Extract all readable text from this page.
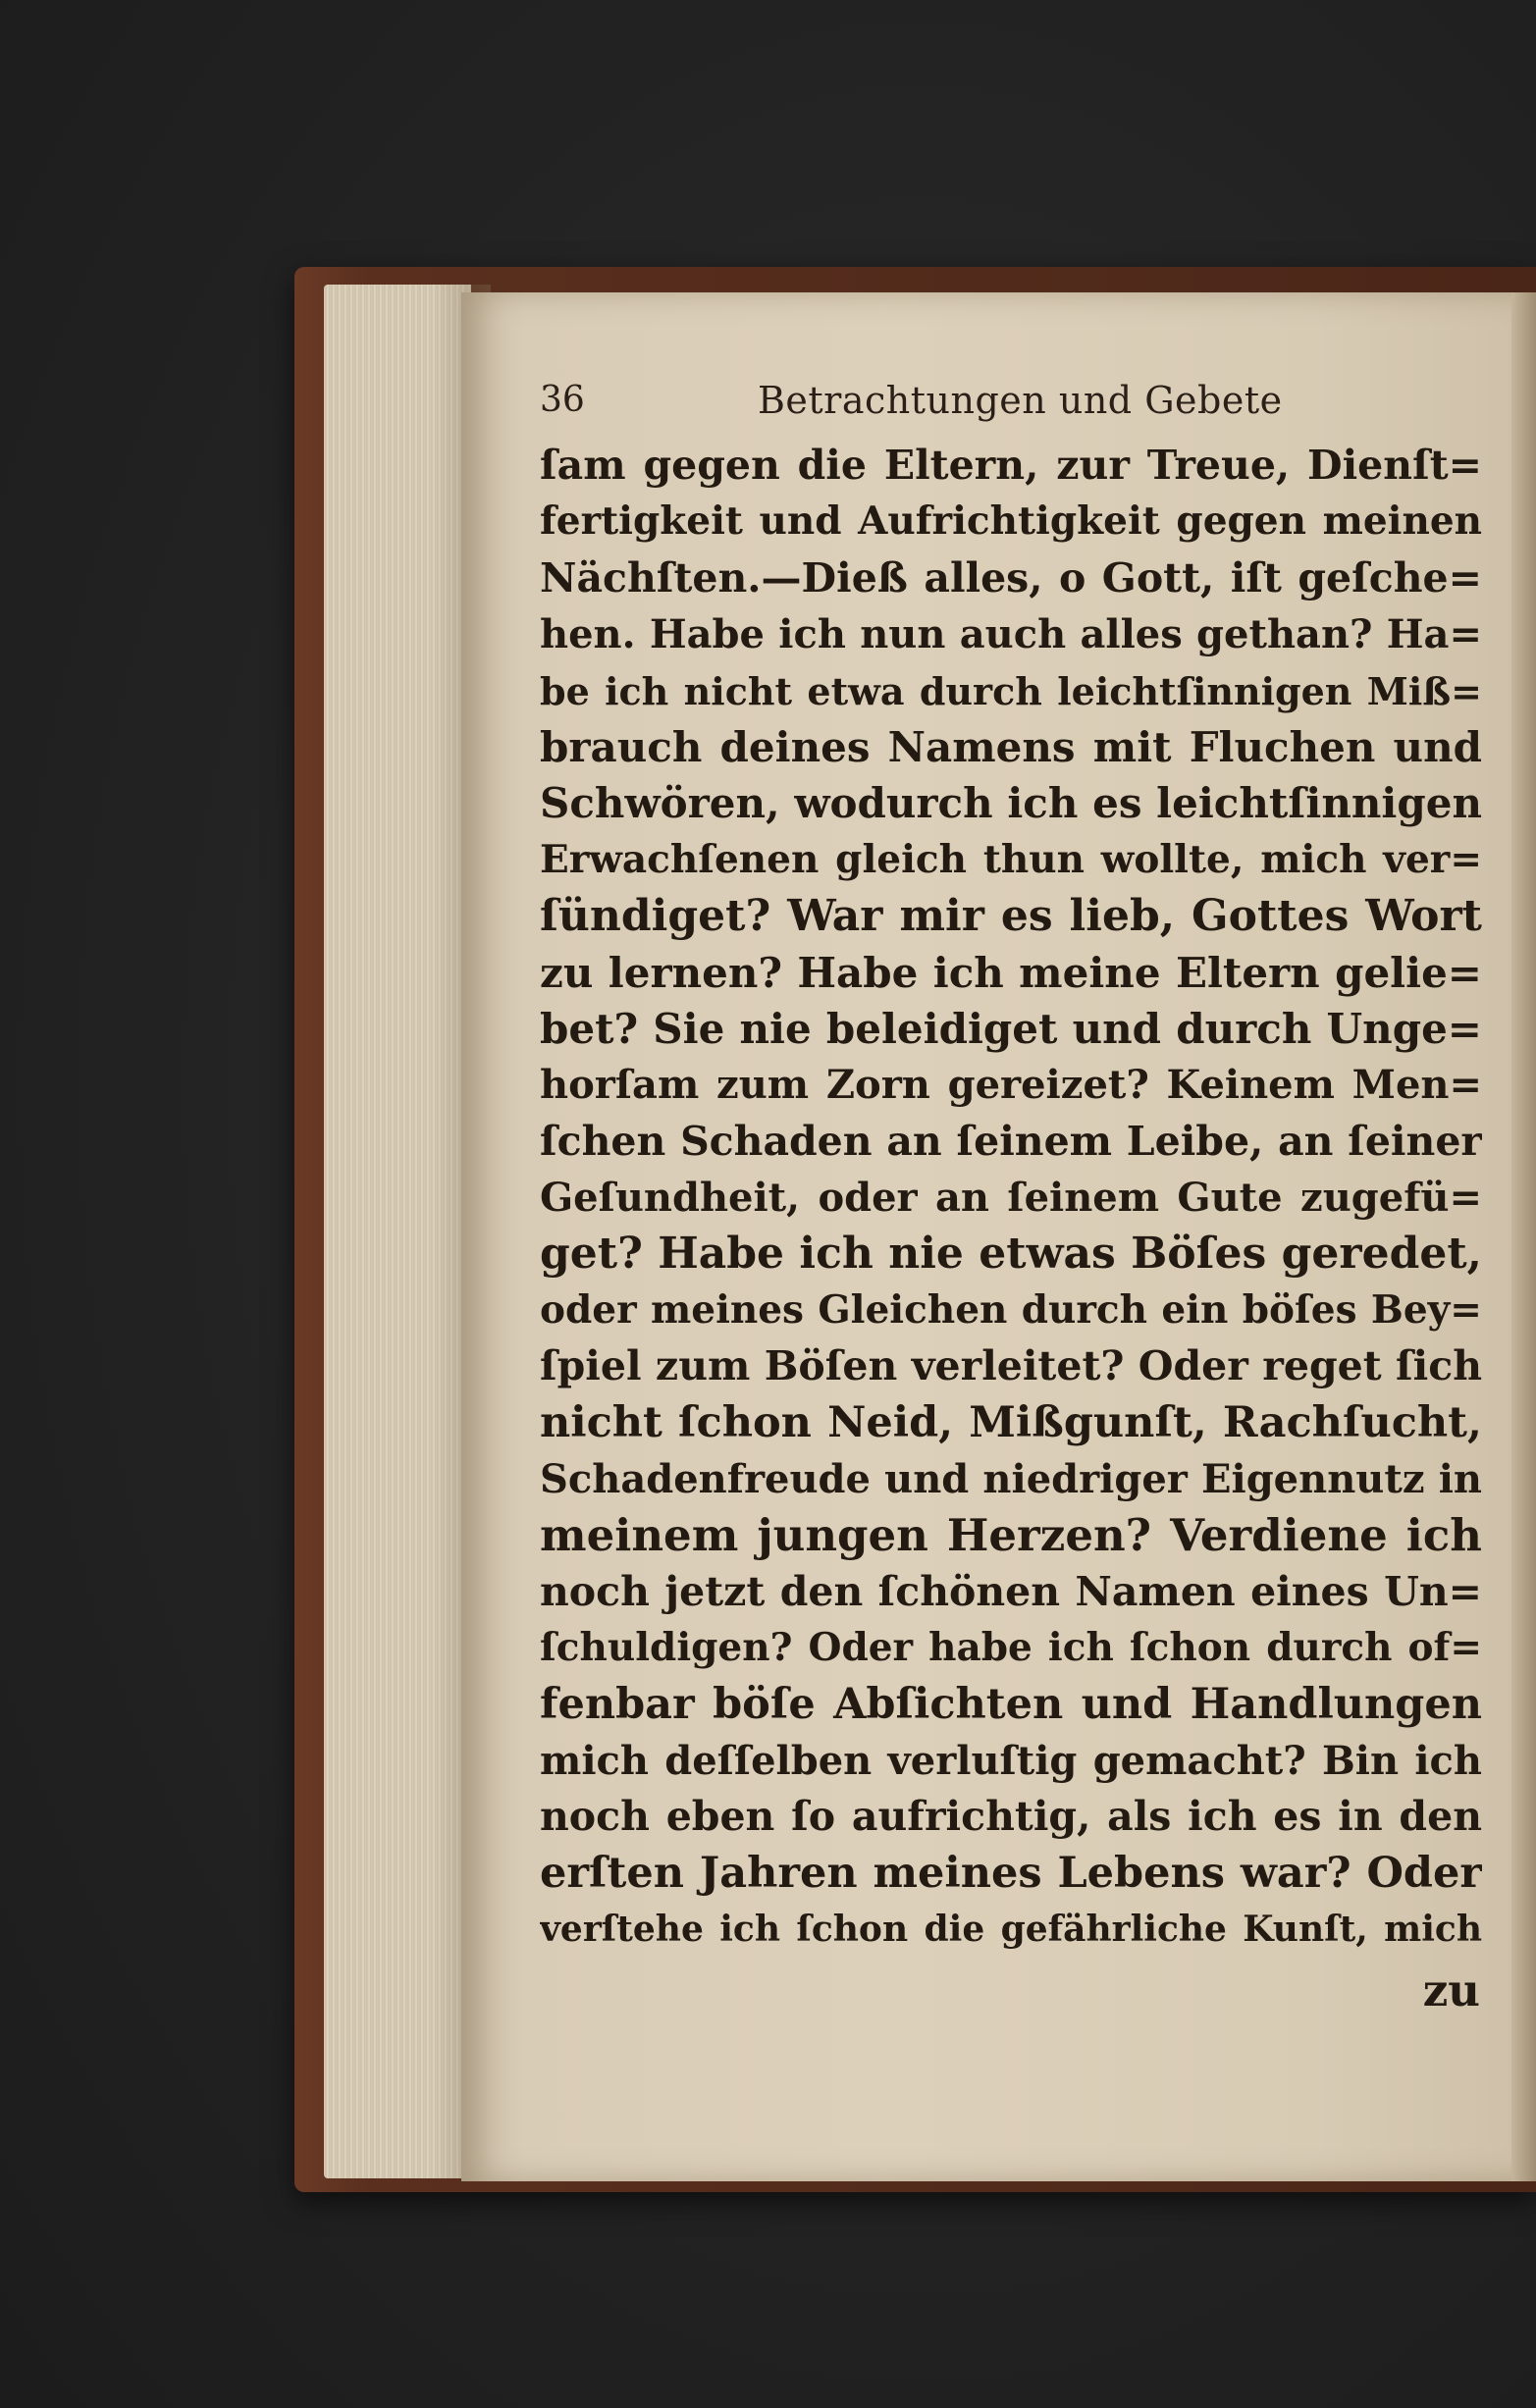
36	Betrachtungen und Gebete
ſam gegen die Eltern, zur Treue, Dienſt=
fertigkeit und Aufrichtigkeit gegen meinen
Nächſten.—Dieß alles, o Gott, iſt geſche=
hen. Habe ich nun auch alles gethan? Ha=
be ich nicht etwa durch leichtſinnigen Miß=
brauch deines Namens mit Fluchen und
Schwören, wodurch ich es leichtſinnigen
Erwachſenen gleich thun wollte, mich ver=
ſündiget? War mir es lieb, Gottes Wort
zu lernen? Habe ich meine Eltern gelie=
bet? Sie nie beleidiget und durch Unge=
horſam zum Zorn gereizet? Keinem Men=
ſchen Schaden an ſeinem Leibe, an ſeiner
Geſundheit, oder an ſeinem Gute zugefü=
get? Habe ich nie etwas Böſes geredet,
oder meines Gleichen durch ein böſes Bey=
ſpiel zum Böſen verleitet? Oder reget ſich
nicht ſchon Neid, Mißgunſt, Rachſucht,
Schadenfreude und niedriger Eigennutz in
meinem jungen Herzen? Verdiene ich
noch jetzt den ſchönen Namen eines Un=
ſchuldigen? Oder habe ich ſchon durch of=
fenbar böſe Abſichten und Handlungen
mich deſſelben verluſtig gemacht? Bin ich
noch eben ſo aufrichtig, als ich es in den
erſten Jahren meines Lebens war? Oder
verſtehe ich ſchon die gefährliche Kunſt, mich
zu
